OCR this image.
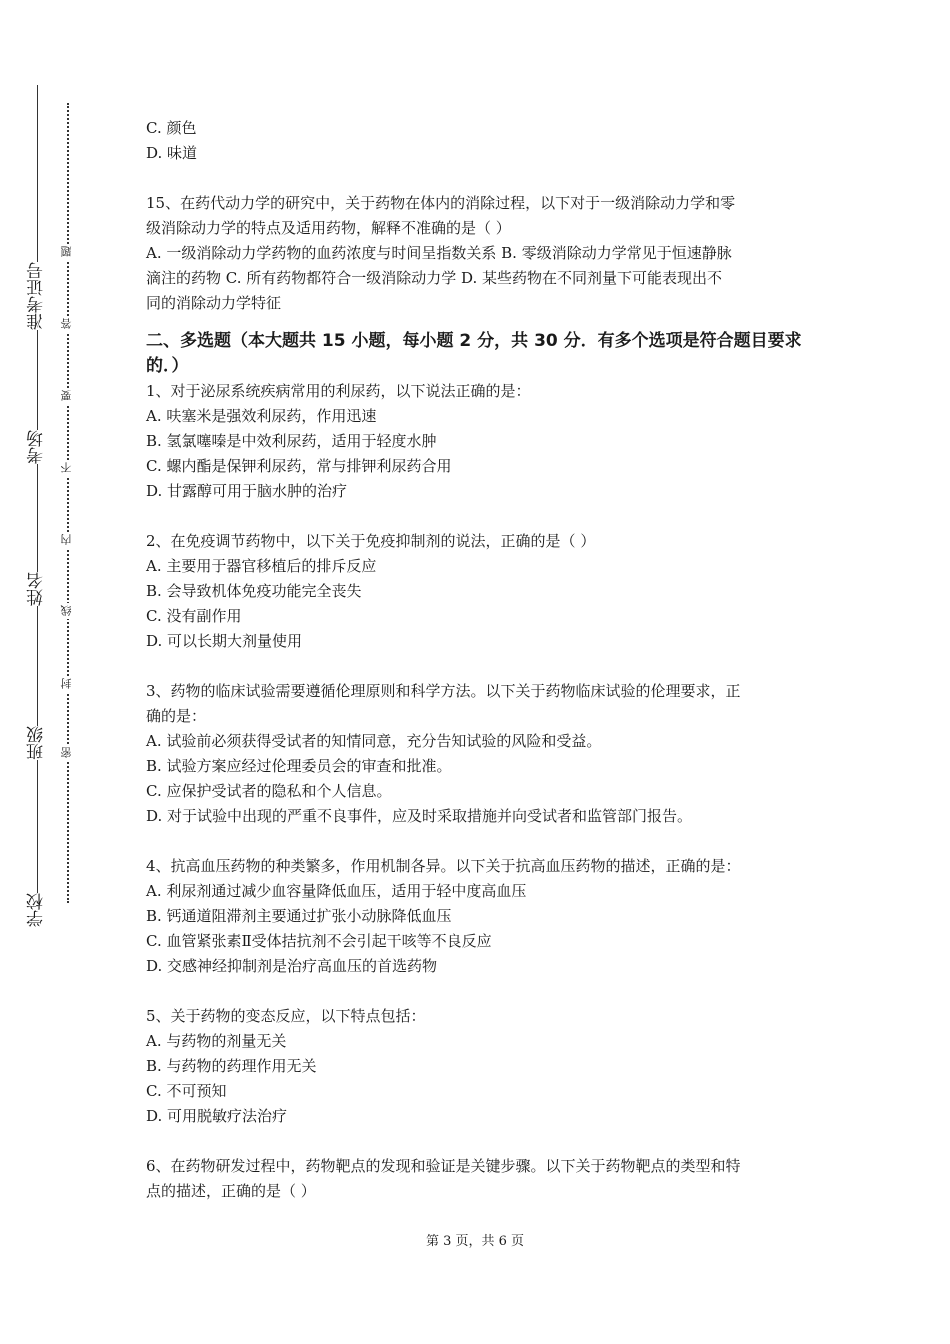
学校
班级
姓名
考场
准考证号
密
封
线
内
不
要
答
题

C. 颜色

D. 味道

15、在药代动力学的研究中，关于药物在体内的消除过程，以下对于一级消除动力学和零

级消除动力学的特点及适用药物，解释不准确的是（ ）

A. 一级消除动力学药物的血药浓度与时间呈指数关系 B. 零级消除动力学常见于恒速静脉

滴注的药物 C. 所有药物都符合一级消除动力学 D. 某些药物在不同剂量下可能表现出不

同的消除动力学特征

二、多选题（本大题共 15 小题，每小题 2 分，共 30 分．有多个选项是符合题目要求的．）

1、对于泌尿系统疾病常用的利尿药，以下说法正确的是：

A. 呋塞米是强效利尿药，作用迅速

B. 氢氯噻嗪是中效利尿药，适用于轻度水肿

C. 螺内酯是保钾利尿药，常与排钾利尿药合用

D. 甘露醇可用于脑水肿的治疗

2、在免疫调节药物中，以下关于免疫抑制剂的说法，正确的是（ ）

A. 主要用于器官移植后的排斥反应

B. 会导致机体免疫功能完全丧失

C. 没有副作用

D. 可以长期大剂量使用

3、药物的临床试验需要遵循伦理原则和科学方法。以下关于药物临床试验的伦理要求，正

确的是：

A. 试验前必须获得受试者的知情同意，充分告知试验的风险和受益。

B. 试验方案应经过伦理委员会的审查和批准。

C. 应保护受试者的隐私和个人信息。

D. 对于试验中出现的严重不良事件，应及时采取措施并向受试者和监管部门报告。

4、抗高血压药物的种类繁多，作用机制各异。以下关于抗高血压药物的描述，正确的是：

A. 利尿剂通过减少血容量降低血压，适用于轻中度高血压

B. 钙通道阻滞剂主要通过扩张小动脉降低血压

C. 血管紧张素Ⅱ受体拮抗剂不会引起干咳等不良反应

D. 交感神经抑制剂是治疗高血压的首选药物

5、关于药物的变态反应，以下特点包括：

A. 与药物的剂量无关

B. 与药物的药理作用无关

C. 不可预知

D. 可用脱敏疗法治疗

6、在药物研发过程中，药物靶点的发现和验证是关键步骤。以下关于药物靶点的类型和特

点的描述，正确的是（ ）

第 3 页，共 6 页
